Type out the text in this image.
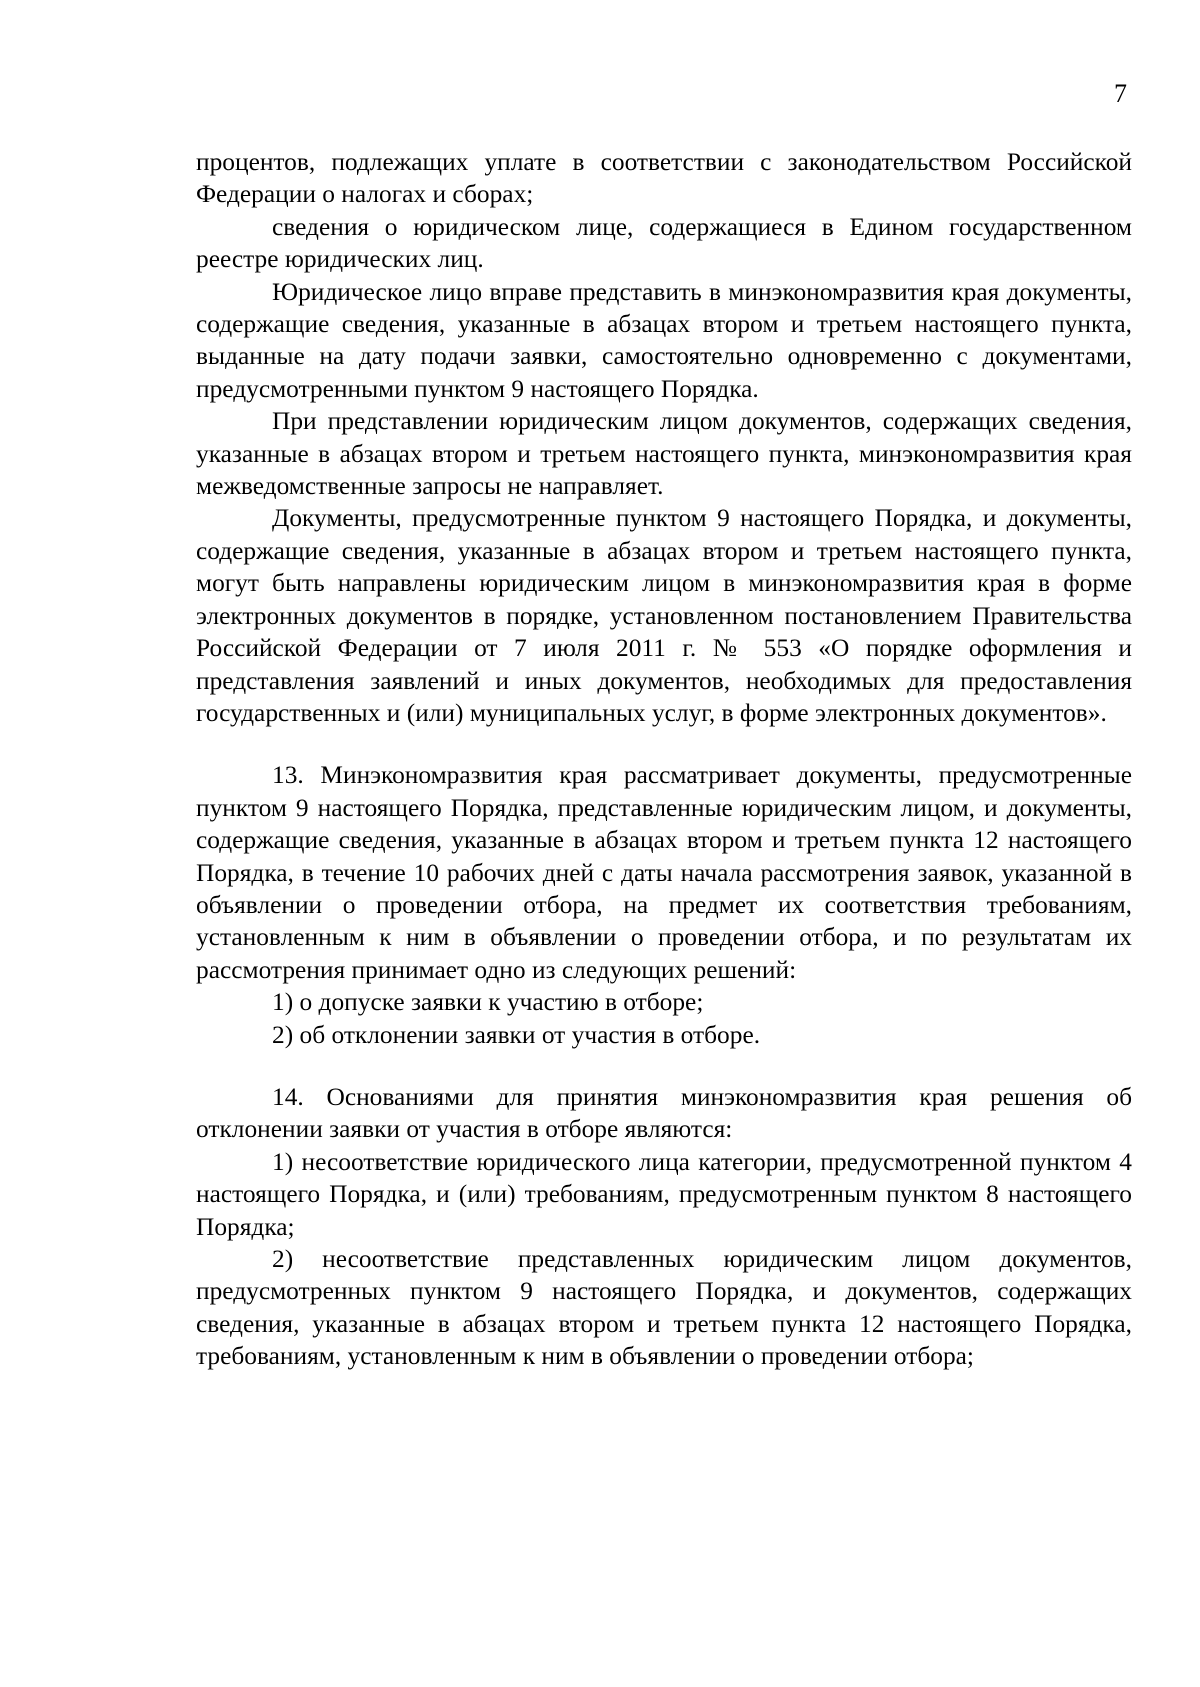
7

процентов, подлежащих уплате в соответствии с законодательством Российской Федерации о налогах и сборах;

сведения о юридическом лице, содержащиеся в Едином государственном реестре юридических лиц.

Юридическое лицо вправе представить в минэкономразвития края документы, содержащие сведения, указанные в абзацах втором и третьем настоящего пункта, выданные на дату подачи заявки, самостоятельно одновременно с документами, предусмотренными пунктом 9 настоящего Порядка.

При представлении юридическим лицом документов, содержащих сведения, указанные в абзацах втором и третьем настоящего пункта, минэкономразвития края межведомственные запросы не направляет.

Документы, предусмотренные пунктом 9 настоящего Порядка, и документы, содержащие сведения, указанные в абзацах втором и третьем настоящего пункта, могут быть направлены юридическим лицом в минэкономразвития края в форме электронных документов в порядке, установленном постановлением Правительства Российской Федерации от 7 июля 2011 г. № 553 «О порядке оформления и представления заявлений и иных документов, необходимых для предоставления государственных и (или) муниципальных услуг, в форме электронных документов».

13. Минэкономразвития края рассматривает документы, предусмотренные пунктом 9 настоящего Порядка, представленные юридическим лицом, и документы, содержащие сведения, указанные в абзацах втором и третьем пункта 12 настоящего Порядка, в течение 10 рабочих дней с даты начала рассмотрения заявок, указанной в объявлении о проведении отбора, на предмет их соответствия требованиям, установленным к ним в объявлении о проведении отбора, и по результатам их рассмотрения принимает одно из следующих решений:

1) о допуске заявки к участию в отборе;

2) об отклонении заявки от участия в отборе.

14. Основаниями для принятия минэкономразвития края решения об отклонении заявки от участия в отборе являются:

1) несоответствие юридического лица категории, предусмотренной пунктом 4 настоящего Порядка, и (или) требованиям, предусмотренным пунктом 8 настоящего Порядка;

2) несоответствие представленных юридическим лицом документов, предусмотренных пунктом 9 настоящего Порядка, и документов, содержащих сведения, указанные в абзацах втором и третьем пункта 12 настоящего Порядка, требованиям, установленным к ним в объявлении о проведении отбора;
